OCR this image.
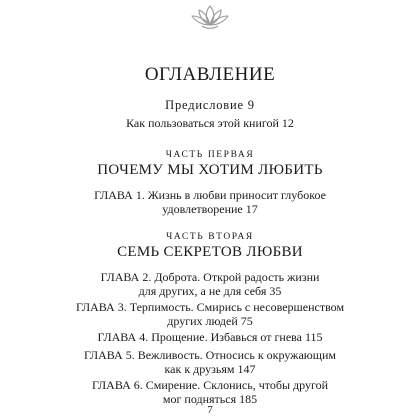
ОГЛАВЛЕНИЕ
Предисловие 9
Как пользоваться этой книгой 12
ЧАСТЬ ПЕРВАЯ
ПОЧЕМУ МЫ ХОТИМ ЛЮБИТЬ
ГЛАВА 1. Жизнь в любви приносит глубокое
удовлетворение 17
ЧАСТЬ ВТОРАЯ
СЕМЬ СЕКРЕТОВ ЛЮБВИ
ГЛАВА 2. Доброта. Открой радость жизни
для других, а не для себя 35
ГЛАВА 3. Терпимость. Смирись с несовершенством
других людей 75
ГЛАВА 4. Прощение. Избавься от гнева 115
ГЛАВА 5. Вежливость. Относись к окружающим
как к друзьям 147
ГЛАВА 6. Смирение. Склонись, чтобы другой
мог подняться 185
7
